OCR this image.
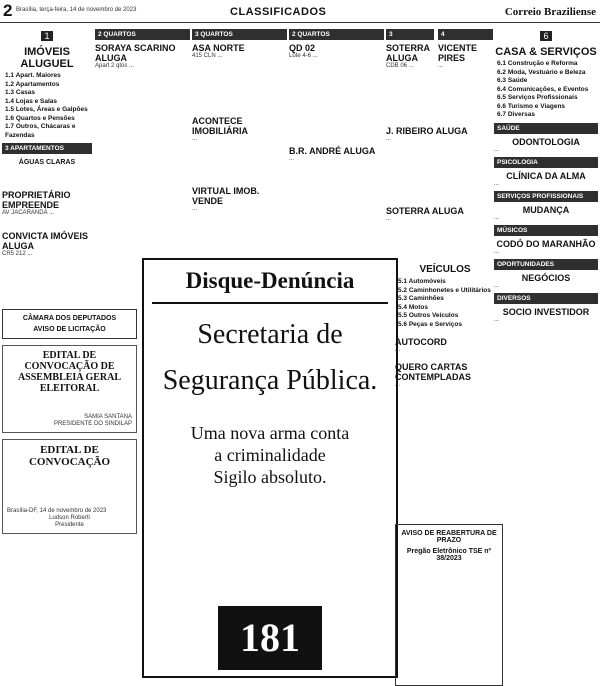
2 Brasília, terça-feira, 14 de novembro de 2023	CLASSIFICADOS	Correio Braziliense
1
IMÓVEIS ALUGUEL
1.1 Apart. Maiores
1.2 Apartamentos
1.3 Casas
1.4 Lojas e Salas
1.5 Lotes, Áreas e Galpões
1.6 Quartos e Pensões
1.7 Outros, Chácaras e Fazendas
3 APARTAMENTOS
ÁGUAS CLARAS
PROPRIETÁRIO EMPREENDE
AV JACARANDÁ ...
CONVICTA IMÓVEIS ALUGA
CR5 212 ...
CÂMARA DOS DEPUTADOS
AVISO DE LICITAÇÃO
EDITAL DE CONVOCAÇÃO DE ASSEMBLEIA GERAL ELEITORAL
SAMIA SANTANA
PRESIDENTE DO SINDILAP
EDITAL DE CONVOCAÇÃO
Brasília-DF, 14 de novembro de 2023
Ludson Roberti
Presidente
2 QUARTOS
SORAYA SCARINO ALUGA
Apart 2 qtos ...
3 QUARTOS
ASA NORTE
415 CLN ...
2 QUARTOS
QD 02
Lote 4-6 ...
3
SOTERRA ALUGA
CDB 06 ...
4
VICENTE PIRES
...
ACONTECE IMOBILIÁRIA
...
VIRTUAL IMOB. VENDE
...
B.R. ANDRÉ ALUGA
...
J. RIBEIRO ALUGA
...
SOTERRA ALUGA
...
Disque-Denúncia
Secretaria de
Segurança Pública.
Uma nova arma conta
a criminalidade
Sigilo absoluto.
181
VEÍCULOS
5.1 Automóveis
5.2 Caminhonetes e Utilitários
5.3 Caminhões
5.4 Motos
5.5 Outros Veículos
5.6 Peças e Serviços
AUTOCORD
...
QUERO CARTAS CONTEMPLADAS
...
AVISO DE REABERTURA DE PRAZO
Pregão Eletrônico TSE nº 38/2023
6
CASA & SERVIÇOS
6.1 Construção e Reforma
6.2 Moda, Vestuário e Beleza
6.3 Saúde
6.4 Comunicações, e Eventos
6.5 Serviços Profissionais
6.6 Turismo e Viagens
6.7 Diversas
SAÚDE
ODONTOLOGIA
...
PSICOLOGIA
CLÍNICA DA ALMA
...
SERVIÇOS PROFISSIONAIS
MUDANÇA
...
MÚSICOS
CODÓ DO MARANHÃO
...
OPORTUNIDADES
NEGÓCIOS
...
DIVERSOS
SOCIO INVESTIDOR
...
